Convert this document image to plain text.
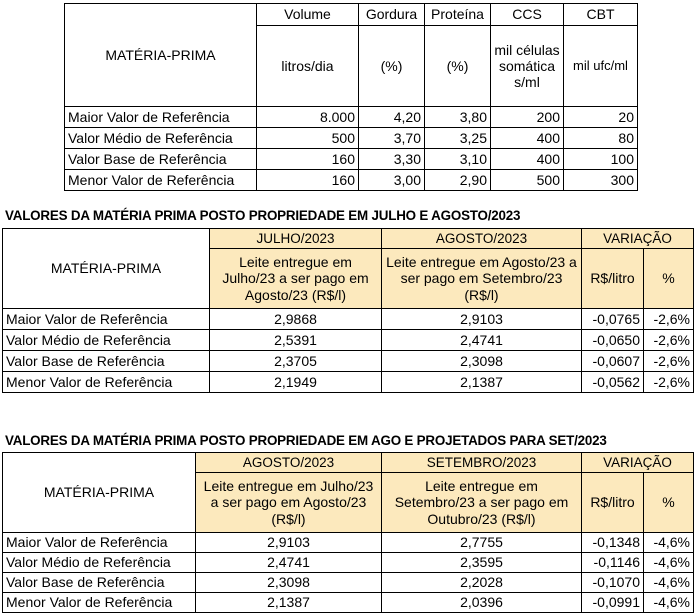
MATÉRIA-PRIMA	Volume	Gordura	Proteína	CCS	CBT
	litros/dia	(%)	(%)	mil células somática s/ml	mil ufc/ml
Maior Valor de Referência	8.000	4,20	3,80	200	20
Valor Médio de Referência	500	3,70	3,25	400	80
Valor Base de Referência	160	3,30	3,10	400	100
Menor Valor de Referência	160	3,00	2,90	500	300
VALORES DA MATÉRIA PRIMA POSTO PROPRIEDADE EM JULHO E AGOSTO/2023
MATÉRIA-PRIMA	JULHO/2023	AGOSTO/2023	VARIAÇÃO	
	Leite entregue em Julho/23 a ser pago em Agosto/23 (R$/l)	Leite entregue em Agosto/23 a ser pago em Setembro/23 (R$/l)	R$/litro	%
Maior Valor de Referência	2,9868	2,9103	-0,0765	-2,6%
Valor Médio de Referência	2,5391	2,4741	-0,0650	-2,6%
Valor Base de Referência	2,3705	2,3098	-0,0607	-2,6%
Menor Valor de Referência	2,1949	2,1387	-0,0562	-2,6%
VALORES DA MATÉRIA PRIMA POSTO PROPRIEDADE EM AGO E PROJETADOS PARA SET/2023
MATÉRIA-PRIMA	AGOSTO/2023	SETEMBRO/2023	VARIAÇÃO	
	Leite entregue em Julho/23 a ser pago em Agosto/23 (R$/l)	Leite entregue em Setembro/23 a ser pago em Outubro/23 (R$/l)	R$/litro	%
Maior Valor de Referência	2,9103	2,7755	-0,1348	-4,6%
Valor Médio de Referência	2,4741	2,3595	-0,1146	-4,6%
Valor Base de Referência	2,3098	2,2028	-0,1070	-4,6%
Menor Valor de Referência	2,1387	2,0396	-0,0991	-4,6%
